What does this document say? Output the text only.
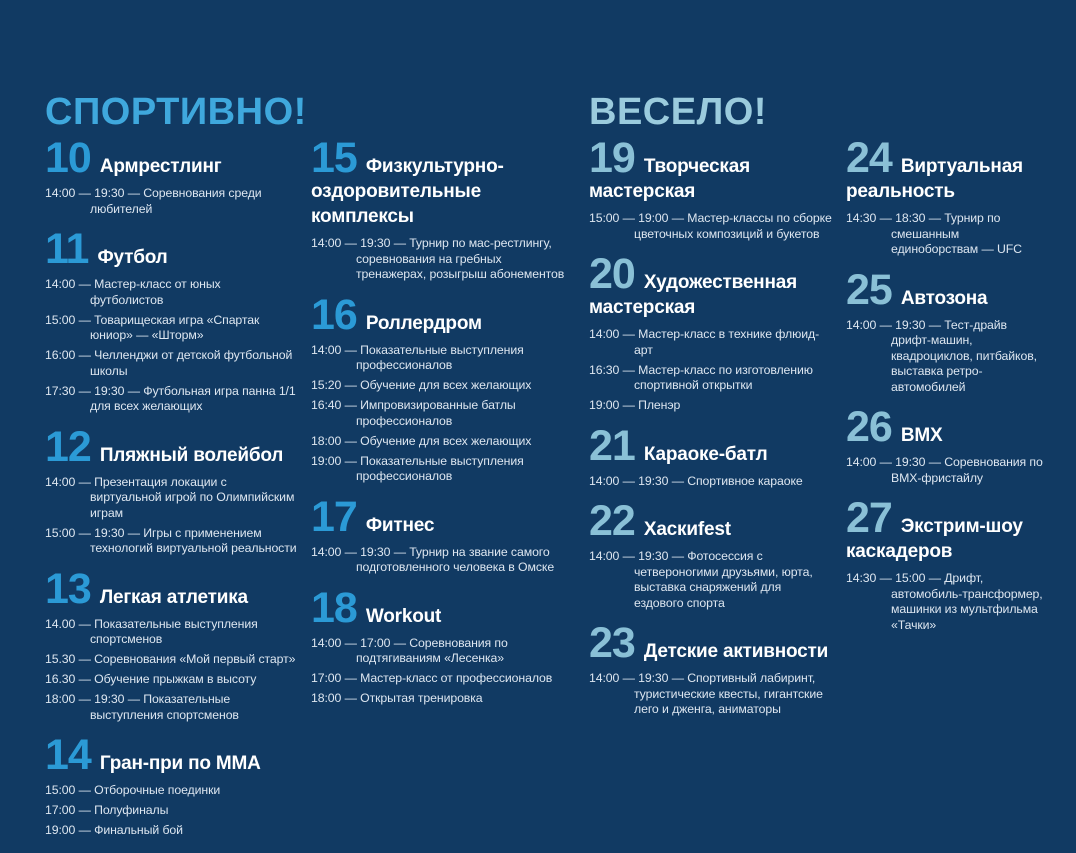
СПОРТИВНО!
10 Армрестлинг
14:00 — 19:30 — Соревнования среди любителей
11 Футбол
14:00 — Мастер-класс от юных футболистов
15:00 — Товарищеская игра «Спартак юниор» — «Шторм»
16:00 — Челленджи от детской футбольной школы
17:30 — 19:30 — Футбольная игра панна 1/1 для всех желающих
12 Пляжный волейбол
14:00 — Презентация локации с виртуальной игрой по Олимпийским играм
15:00 — 19:30 — Игры с применением технологий виртуальной реальности
13 Легкая атлетика
14.00 — Показательные выступления спортсменов
15.30 — Соревнования «Мой первый старт»
16.30 — Обучение прыжкам в высоту
18:00 — 19:30 — Показательные выступления спортсменов
14 Гран-при по ММА
15:00 — Отборочные поединки
17:00 — Полуфиналы
19:00 — Финальный бой
15 Физкультурно-оздоровительные комплексы
14:00 — 19:30 — Турнир по мас-рестлингу, соревнования на гребных тренажерах, розыгрыш абонементов
16 Роллердром
14:00 — Показательные выступления профессионалов
15:20 — Обучение для всех желающих
16:40 — Импровизированные батлы профессионалов
18:00 — Обучение для всех желающих
19:00 — Показательные выступления профессионалов
17 Фитнес
14:00 — 19:30 — Турнир на звание самого подготовленного человека в Омске
18 Workout
14:00 — 17:00 — Соревнования по подтягиваниям «Лесенка»
17:00 — Мастер-класс от профессионалов
18:00 — Открытая тренировка
ВЕСЕЛО!
19 Творческая мастерская
15:00 — 19:00 — Мастер-классы по сборке цветочных композиций и букетов
20 Художественная мастерская
14:00 — Мастер-класс в технике флюид-арт
16:30 — Мастер-класс по изготовлению спортивной открытки
19:00 — Пленэр
21 Караоке-батл
14:00 — 19:30 — Спортивное караоке
22 Хаскиfest
14:00 — 19:30 — Фотосессия с четвероногими друзьями, юрта, выставка снаряжений для ездового спорта
23 Детские активности
14:00 — 19:30 — Спортивный лабиринт, туристические квесты, гигантские лего и дженга, аниматоры
24 Виртуальная реальность
14:30 — 18:30 — Турнир по смешанным единоборствам — UFC
25 Автозона
14:00 — 19:30 — Тест-драйв дрифт-машин, квадроциклов, питбайков, выставка ретро-автомобилей
26 BMX
14:00 — 19:30 — Соревнования по BMX-фристайлу
27 Экстрим-шоу каскадеров
14:30 — 15:00 — Дрифт, автомобиль-трансформер, машинки из мультфильма «Тачки»
